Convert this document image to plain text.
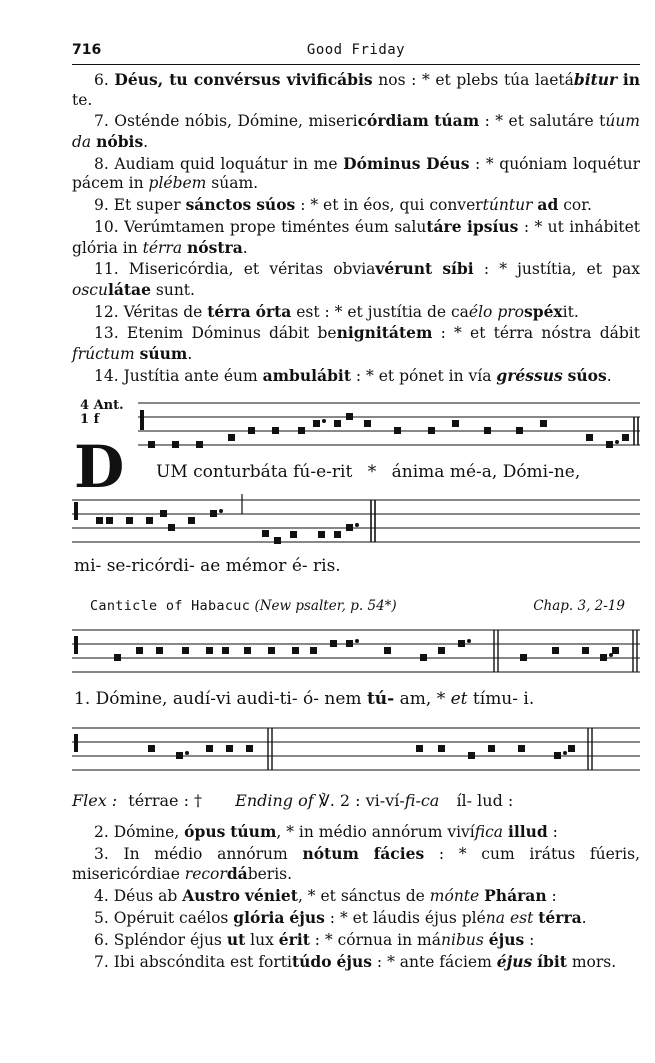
716	Good Friday

6. Déus, tu convérsus vivificábis nos : * et plebs túa laetábitur in te.

7. Osténde nóbis, Dómine, misericórdiam túam : * et salutáre túum da nóbis.

8. Audiam quid loquátur in me Dóminus Déus : * quóniam loquétur pácem in plébem súam.

9. Et super sánctos súos : * et in éos, qui convertúntur ad cor.

10. Verúmtamen prope timéntes éum salutáre ipsíus : * ut inhábitet glória in térra nóstra.

11. Misericórdia, et véritas obviavérunt síbi : * justítia, et pax osculátae sunt.

12. Véritas de térra órta est : * et justítia de caélo prospéxit.

13. Etenim Dóminus dábit benignitátem : * et térra nóstra dábit frúctum súum.

14. Justítia ante éum ambulábit : * et pónet in vía gréssus súos.

4 Ant.
1 f
D UM conturbáta fú-e-rit * ánima mé-a, Dómi-ne,
mi- se-ricórdi- ae mémor é- ris.
Canticle of Habacuc (New psalter, p. 54*)	Chap. 3, 2-19
1. Dómine, audí-vi audi-ti- ó- nem tú- am, * et tímu- i.
Flex : térrae : † Ending of ℣. 2 : vi-ví-fi-ca íl- lud :

2. Dómine, ópus túum, * in médio annórum vivífica illud :

3. In médio annórum nótum fácies : * cum irátus fúeris, misericórdiae recordáberis.

4. Déus ab Austro véniet, * et sánctus de mónte Pháran :

5. Opéruit caélos glória éjus : * et láudis éjus pléna est térra.

6. Spléndor éjus ut lux érit : * córnua in mánibus éjus :

7. Ibi abscóndita est fortitúdo éjus : * ante fáciem éjus íbit mors.
